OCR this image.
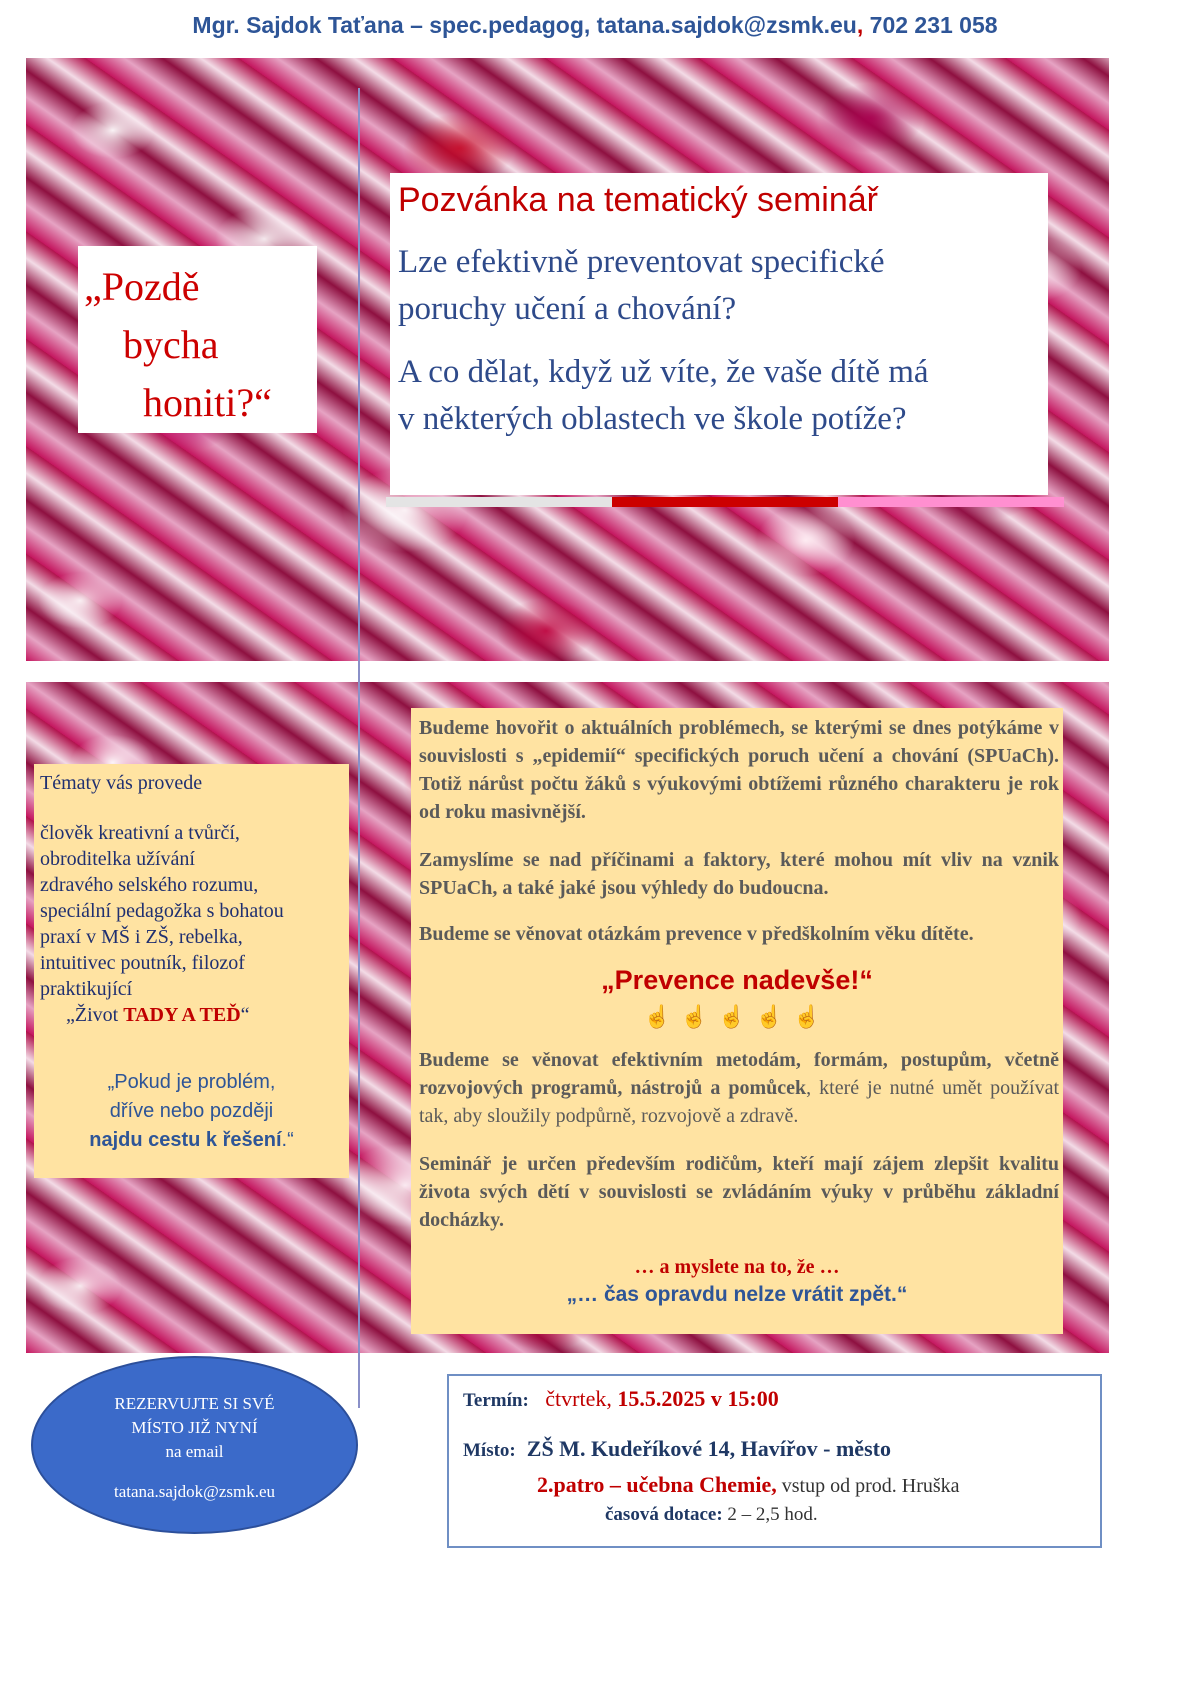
Mgr. Sajdok Taťana – spec.pedagog, tatana.sajdok@zsmk.eu, 702 231 058
„Pozdě
bycha
honiti?“
Pozvánka na tematický seminář
Lze efektivně preventovat specifické
poruchy učení a chování?
A co dělat, když už víte, že vaše dítě má
v některých oblastech ve škole potíže?
Tématy vás provede
člověk kreativní a tvůrčí,
obroditelka užívání
zdravého selského rozumu,
speciální pedagožka s bohatou
praxí v MŠ i ZŠ, rebelka,
intuitivec poutník, filozof
praktikující
„Život TADY A TEĎ“
„Pokud je problém,
dříve nebo později
najdu cestu k řešení.“
Budeme hovořit o aktuálních problémech, se kterými se dnes potýkáme v souvislosti s „epidemií“ specifických poruch učení a chování (SPUaCh). Totiž nárůst počtu žáků s výukovými obtížemi různého charakteru je rok od roku masivnější.
Zamyslíme se nad příčinami a faktory, které mohou mít vliv na vznik SPUaCh, a také jaké jsou výhledy do budoucna.
Budeme se věnovat otázkám prevence v předškolním věku dítěte.
„Prevence nadevše!“
☝☝☝☝☝
Budeme se věnovat efektivním metodám, formám, postupům, včetně rozvojových programů, nástrojů a pomůcek, které je nutné umět používat tak, aby sloužily podpůrně, rozvojově a zdravě.
Seminář je určen především rodičům, kteří mají zájem zlepšit kvalitu života svých dětí v souvislosti se zvládáním výuky v průběhu základní docházky.
… a myslete na to, že …
„… čas opravdu nelze vrátit zpět.“
REZERVUJTE SI SVÉ
MÍSTO JIŽ NYNÍ
na email
tatana.sajdok@zsmk.eu
Termín: čtvrtek, 15.5.2025 v 15:00
Místo: ZŠ M. Kudeříkové 14, Havířov - město
2.patro – učebna Chemie, vstup od prod. Hruška
časová dotace: 2 – 2,5 hod.
